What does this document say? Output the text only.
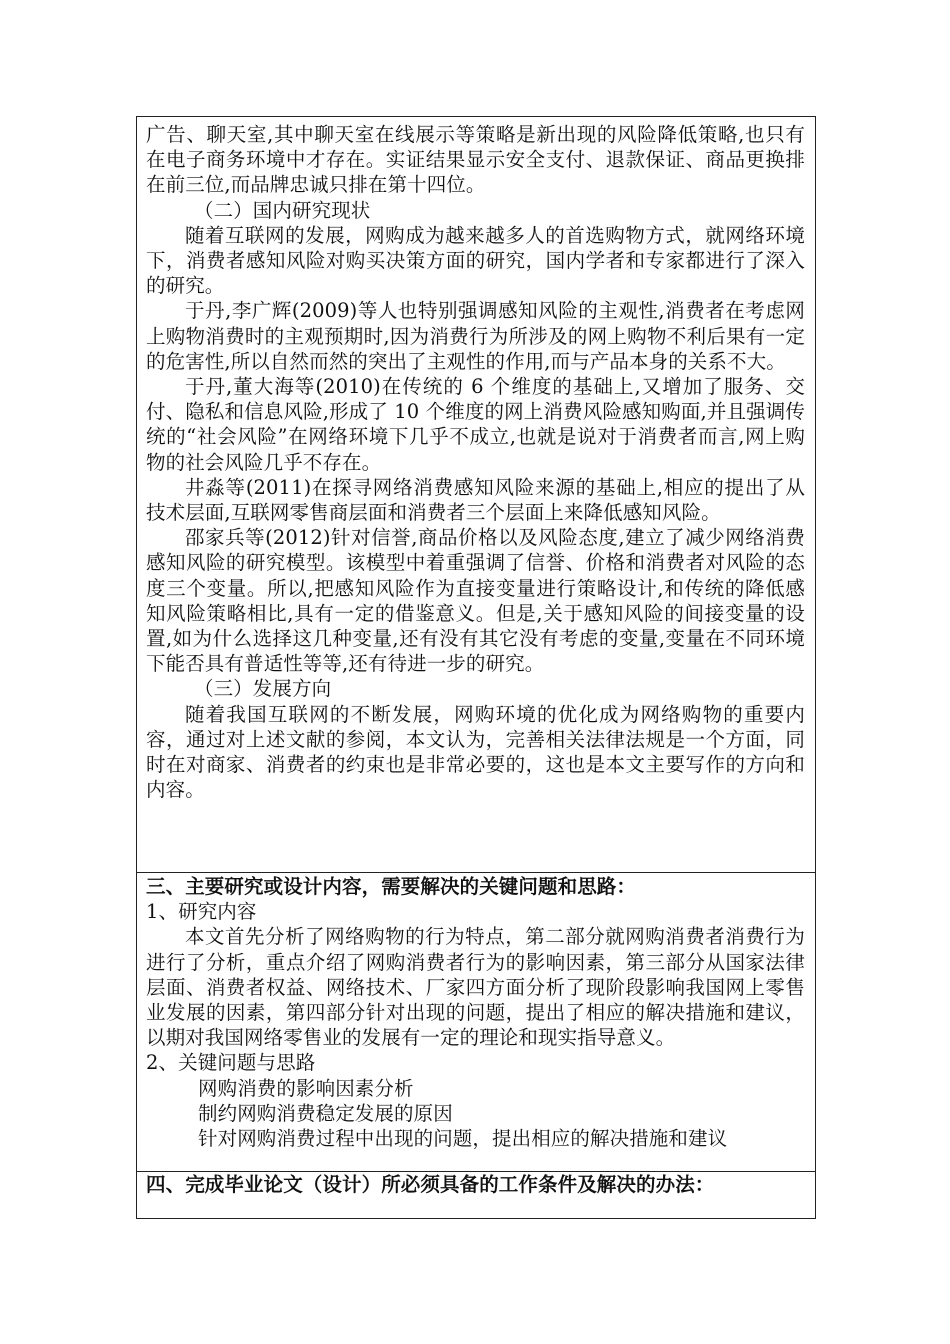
广告、聊天室,其中聊天室在线展示等策略是新出现的风险降低策略,也只有在电子商务环境中才存在。实证结果显示安全支付、退款保证、商品更换排在前三位,而品牌忠诚只排在第十四位。

（二）国内研究现状

随着互联网的发展，网购成为越来越多人的首选购物方式，就网络环境下，消费者感知风险对购买决策方面的研究，国内学者和专家都进行了深入的研究。

于丹,李广辉(2009)等人也特别强调感知风险的主观性,消费者在考虑网上购物消费时的主观预期时,因为消费行为所涉及的网上购物不利后果有一定的危害性,所以自然而然的突出了主观性的作用,而与产品本身的关系不大。

于丹,董大海等(2010)在传统的 6 个维度的基础上,又增加了服务、交付、隐私和信息风险,形成了 10 个维度的网上消费风险感知购面,并且强调传统的“社会风险”在网络环境下几乎不成立,也就是说对于消费者而言,网上购物的社会风险几乎不存在。

井淼等(2011)在探寻网络消费感知风险来源的基础上,相应的提出了从技术层面,互联网零售商层面和消费者三个层面上来降低感知风险。

邵家兵等(2012)针对信誉,商品价格以及风险态度,建立了减少网络消费感知风险的研究模型。该模型中着重强调了信誉、价格和消费者对风险的态度三个变量。所以,把感知风险作为直接变量进行策略设计,和传统的降低感知风险策略相比,具有一定的借鉴意义。但是,关于感知风险的间接变量的设置,如为什么选择这几种变量,还有没有其它没有考虑的变量,变量在不同环境下能否具有普适性等等,还有待进一步的研究。

（三）发展方向

随着我国互联网的不断发展，网购环境的优化成为网络购物的重要内容，通过对上述文献的参阅，本文认为，完善相关法律法规是一个方面，同时在对商家、消费者的约束也是非常必要的，这也是本文主要写作的方向和内容。

三、主要研究或设计内容，需要解决的关键问题和思路：

1、研究内容

本文首先分析了网络购物的行为特点，第二部分就网购消费者消费行为进行了分析，重点介绍了网购消费者行为的影响因素，第三部分从国家法律层面、消费者权益、网络技术、厂家四方面分析了现阶段影响我国网上零售业发展的因素，第四部分针对出现的问题，提出了相应的解决措施和建议，以期对我国网络零售业的发展有一定的理论和现实指导意义。

2、关键问题与思路

网购消费的影响因素分析

制约网购消费稳定发展的原因

针对网购消费过程中出现的问题，提出相应的解决措施和建议

四、完成毕业论文（设计）所必须具备的工作条件及解决的办法：
